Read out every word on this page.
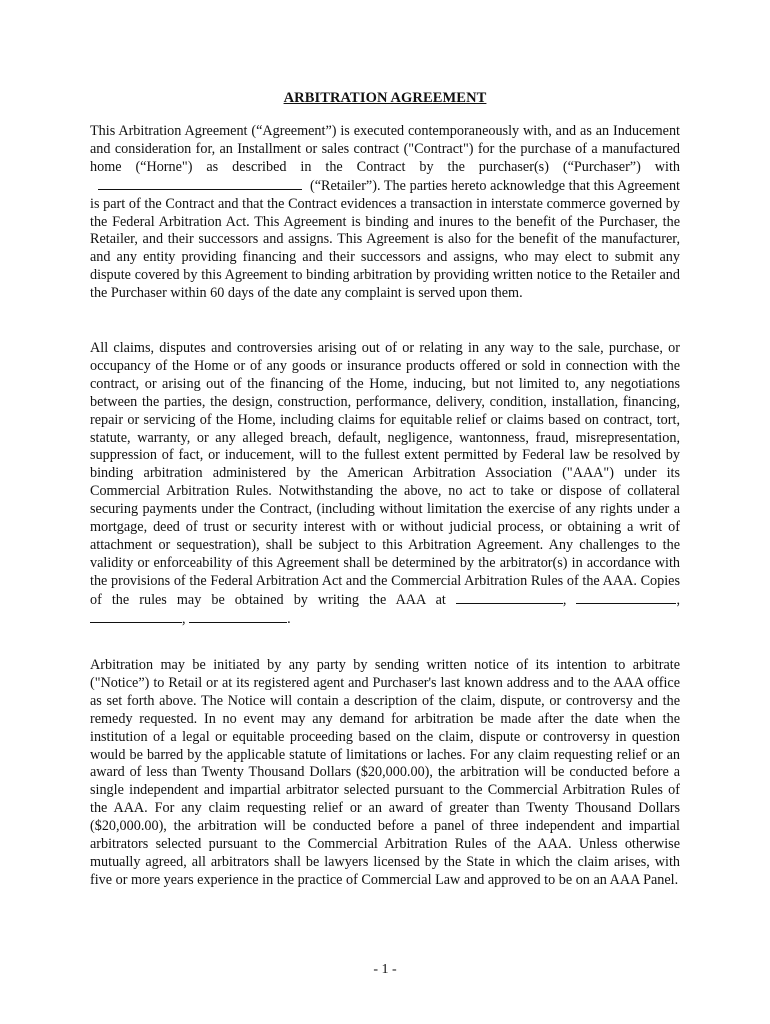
ARBITRATION AGREEMENT

This Arbitration Agreement (“Agreement”) is executed contemporaneously with, and as an Inducement and consideration for, an Installment or sales contract ("Contract") for the purchase of a manufactured home (“Horne") as described in the Contract by the purchaser(s) (“Purchaser”) with(“Retailer”). The parties hereto acknowledge that this Agreement is part of the Contract and that the Contract evidences a transaction in interstate commerce governed by the Federal Arbitration Act. This Agreement is binding and inures to the benefit of the Purchaser, the Retailer, and their successors and assigns. This Agreement is also for the benefit of the manufacturer, and any entity providing financing and their successors and assigns, who may elect to submit any dispute covered by this Agreement to binding arbitration by providing written notice to the Retailer and the Purchaser within 60 days of the date any complaint is served upon them.

All claims, disputes and controversies arising out of or relating in any way to the sale, purchase, or occupancy of the Home or of any goods or insurance products offered or sold in connection with the contract, or arising out of the financing of the Home, inducing, but not limited to, any negotiations between the parties, the design, construction, performance, delivery, condition, installation, financing, repair or servicing of the Home, including claims for equitable relief or claims based on contract, tort, statute, warranty, or any alleged breach, default, negligence, wantonness, fraud, misrepresentation, suppression of fact, or inducement, will to the fullest extent permitted by Federal law be resolved by binding arbitration administered by the American Arbitration Association ("AAA") under its Commercial Arbitration Rules. Notwithstanding the above, no act to take or dispose of collateral securing payments under the Contract, (including without limitation the exercise of any rights under a mortgage, deed of trust or security interest with or without judicial process, or obtaining a writ of attachment or sequestration), shall be subject to this Arbitration Agreement. Any challenges to the validity or enforceability of this Agreement shall be determined by the arbitrator(s) in accordance with the provisions of the Federal Arbitration Act and the Commercial Arbitration Rules of the AAA. Copies of the rules may be obtained by writing the AAA at	,	, ,	.

Arbitration may be initiated by any party by sending written notice of its intention to arbitrate ("Notice”) to Retail or at its registered agent and Purchaser's last known address and to the AAA office as set forth above. The Notice will contain a description of the claim, dispute, or controversy and the remedy requested. In no event may any demand for arbitration be made after the date when the institution of a legal or equitable proceeding based on the claim, dispute or controversy in question would be barred by the applicable statute of limitations or laches. For any claim requesting relief or an award of less than Twenty Thousand Dollars ($20,000.00), the arbitration will be conducted before a single independent and impartial arbitrator selected pursuant to the Commercial Arbitration Rules of the AAA. For any claim requesting relief or an award of greater than Twenty Thousand Dollars ($20,000.00), the arbitration will be conducted before a panel of three independent and impartial arbitrators selected pursuant to the Commercial Arbitration Rules of the AAA. Unless otherwise mutually agreed, all arbitrators shall be lawyers licensed by the State in which the claim arises, with five or more years experience in the practice of Commercial Law and approved to be on an AAA Panel.

- 1 -
